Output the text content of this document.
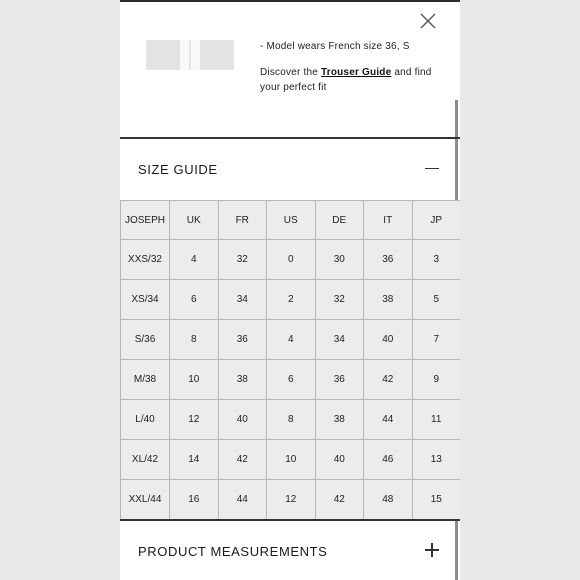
- Model wears French size 36, S
Discover the Trouser Guide and find your perfect fit
SIZE GUIDE
JOSEPH	UK	FR	US	DE	IT	JP
XXS/32	4	32	0	30	36	3
XS/34	6	34	2	32	38	5
S/36	8	36	4	34	40	7
M/38	10	38	6	36	42	9
L/40	12	40	8	38	44	11
XL/42	14	42	10	40	46	13
XXL/44	16	44	12	42	48	15
PRODUCT MEASUREMENTS
